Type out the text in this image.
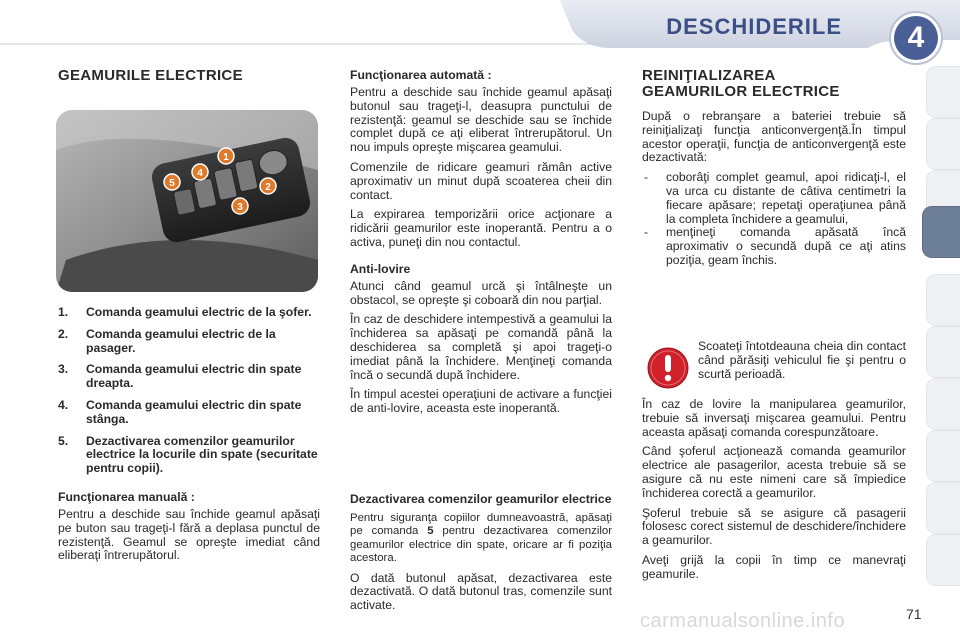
DESCHIDERILE	4
GEAMURILE ELECTRICE
1
2
3
4
5
1. Comanda geamului electric de la şofer.
2. Comanda geamului electric de la pasager.
3. Comanda geamului electric din spate dreapta.
4. Comanda geamului electric din spate stânga.
5. Dezactivarea comenzilor geamurilor electrice la locurile din spate (securitate pentru copii).
Funcţionarea manuală :

Pentru a deschide sau închide geamul apăsaţi pe buton sau trageţi-l fără a deplasa punctul de rezistenţă. Geamul se opreşte imediat când eliberaţi întrerupătorul.

Funcţionarea automată :

Pentru a deschide sau închide geamul apăsaţi butonul sau trageţi-l, deasupra punctului de rezistenţă: geamul se deschide sau se închide complet după ce aţi eliberat întrerupătorul. Un nou impuls opreşte mişcarea geamului.

Comenzile de ridicare geamuri rămân active aproximativ un minut după scoaterea cheii din contact.

La expirarea temporizării orice acţionare a ridicării geamurilor este inoperantă. Pentru a o activa, puneţi din nou contactul.

Anti-lovire

Atunci când geamul urcă şi întâlneşte un obstacol, se opreşte şi coboară din nou parţial.

În caz de deschidere intempestivă a geamului la închiderea sa apăsaţi pe comandă până la deschiderea sa completă şi apoi trageţi-o imediat până la închidere. Menţineţi comanda încă o secundă după închidere.

În timpul acestei operaţiuni de activare a funcţiei de anti-lovire, aceasta este inoperantă.

Dezactivarea comenzilor geamurilor electrice

Pentru siguranţa copiilor dumneavoastră, apăsaţi pe comanda 5 pentru dezactivarea comenzilor geamurilor electrice din spate, oricare ar fi poziţia acestora.

O dată butonul apăsat, dezactivarea este dezactivată. O dată butonul tras, comenzile sunt activate.

REINIŢIALIZAREA
GEAMURILOR ELECTRICE

După o rebranşare a bateriei trebuie să reiniţializaţi funcţia anticonvergenţă.În timpul acestor operaţii, funcţia de anticonvergenţă este dezactivată:

- coborâţi complet geamul, apoi ridicaţi-l, el va urca cu distante de câtiva centimetri la fiecare apăsare; repetaţi operaţiunea până la completa închidere a geamului,
- menţineţi comanda apăsată încă aproximativ o secundă după ce aţi atins poziţia, geam închis.

Scoateţi întotdeauna cheia din contact când părăsiţi vehiculul fie şi pentru o scurtă perioadă.

În caz de lovire la manipularea geamurilor, trebuie să inversaţi mişcarea geamului. Pentru aceasta apăsaţi comanda corespunzătoare.

Când şoferul acţionează comanda geamurilor electrice ale pasagerilor, acesta trebuie să se asigure că nu este nimeni care să împiedice închiderea corectă a geamurilor.

Şoferul trebuie să se asigure că pasagerii folosesc corect sistemul de deschidere/închidere a geamurilor.

Aveţi grijă la copii în timp ce manevraţi geamurile.

carmanualsonline.info	71
